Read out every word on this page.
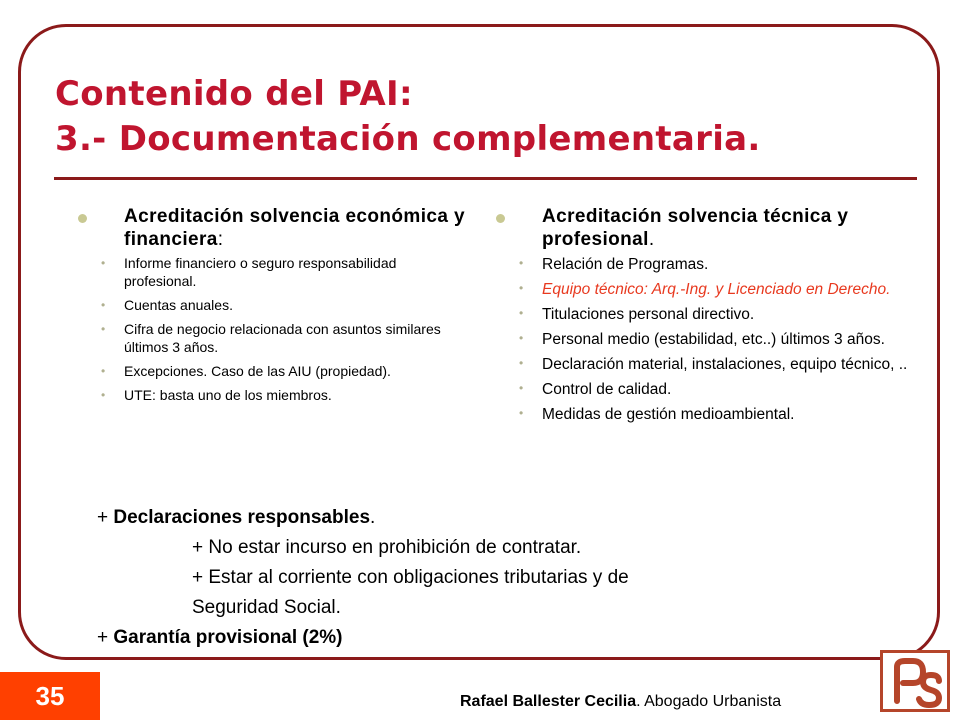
Contenido del PAI:
3.- Documentación complementaria.
Acreditación solvencia económica y financiera:
•	Informe financiero o seguro responsabilidad profesional.
•	Cuentas anuales.
•	Cifra de negocio relacionada con asuntos similares últimos 3 años.
•	Excepciones. Caso de las AIU (propiedad).
•	UTE: basta uno de los miembros.
Acreditación solvencia técnica y profesional.
•	Relación de Programas.
•	Equipo técnico: Arq.-Ing. y Licenciado en Derecho.
•	Titulaciones personal directivo.
•	Personal medio (estabilidad, etc..) últimos 3 años.
•	Declaración material, instalaciones, equipo técnico, ..
•	Control de calidad.
•	Medidas de gestión medioambiental.
+ Declaraciones responsables.
+ No estar incurso en prohibición de contratar.
+ Estar al corriente con obligaciones tributarias y de
Seguridad Social.
+ Garantía provisional (2%)
35	Rafael Ballester Cecilia. Abogado Urbanista
